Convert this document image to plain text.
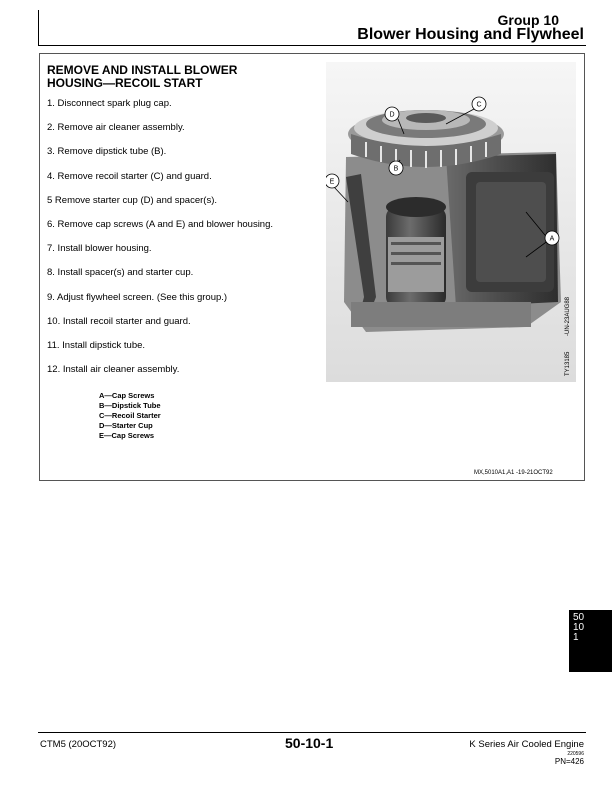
Group 10
Blower Housing and Flywheel
REMOVE AND INSTALL BLOWER
HOUSING—RECOIL START
1. Disconnect spark plug cap.
2. Remove air cleaner assembly.
3. Remove dipstick tube (B).
4. Remove recoil starter (C) and guard.
5 Remove starter cup (D) and spacer(s).
6. Remove cap screws (A and E) and blower housing.
7. Install blower housing.
8. Install spacer(s) and starter cup.
9. Adjust flywheel screen. (See this group.)
10. Install recoil starter and guard.
11. Install dipstick tube.
12. Install air cleaner assembly.
A—Cap Screws
B—Dipstick Tube
C—Recoil Starter
D—Starter Cup
E—Cap Screws
MX,5010A1,A1 -19-21OCT92
D
C
B
E
A
-UN-23AUG88
TY13185
50
10
1
CTM5 (20OCT92)	50-10-1	K Series Air Cooled Engine
220596
PN=426
